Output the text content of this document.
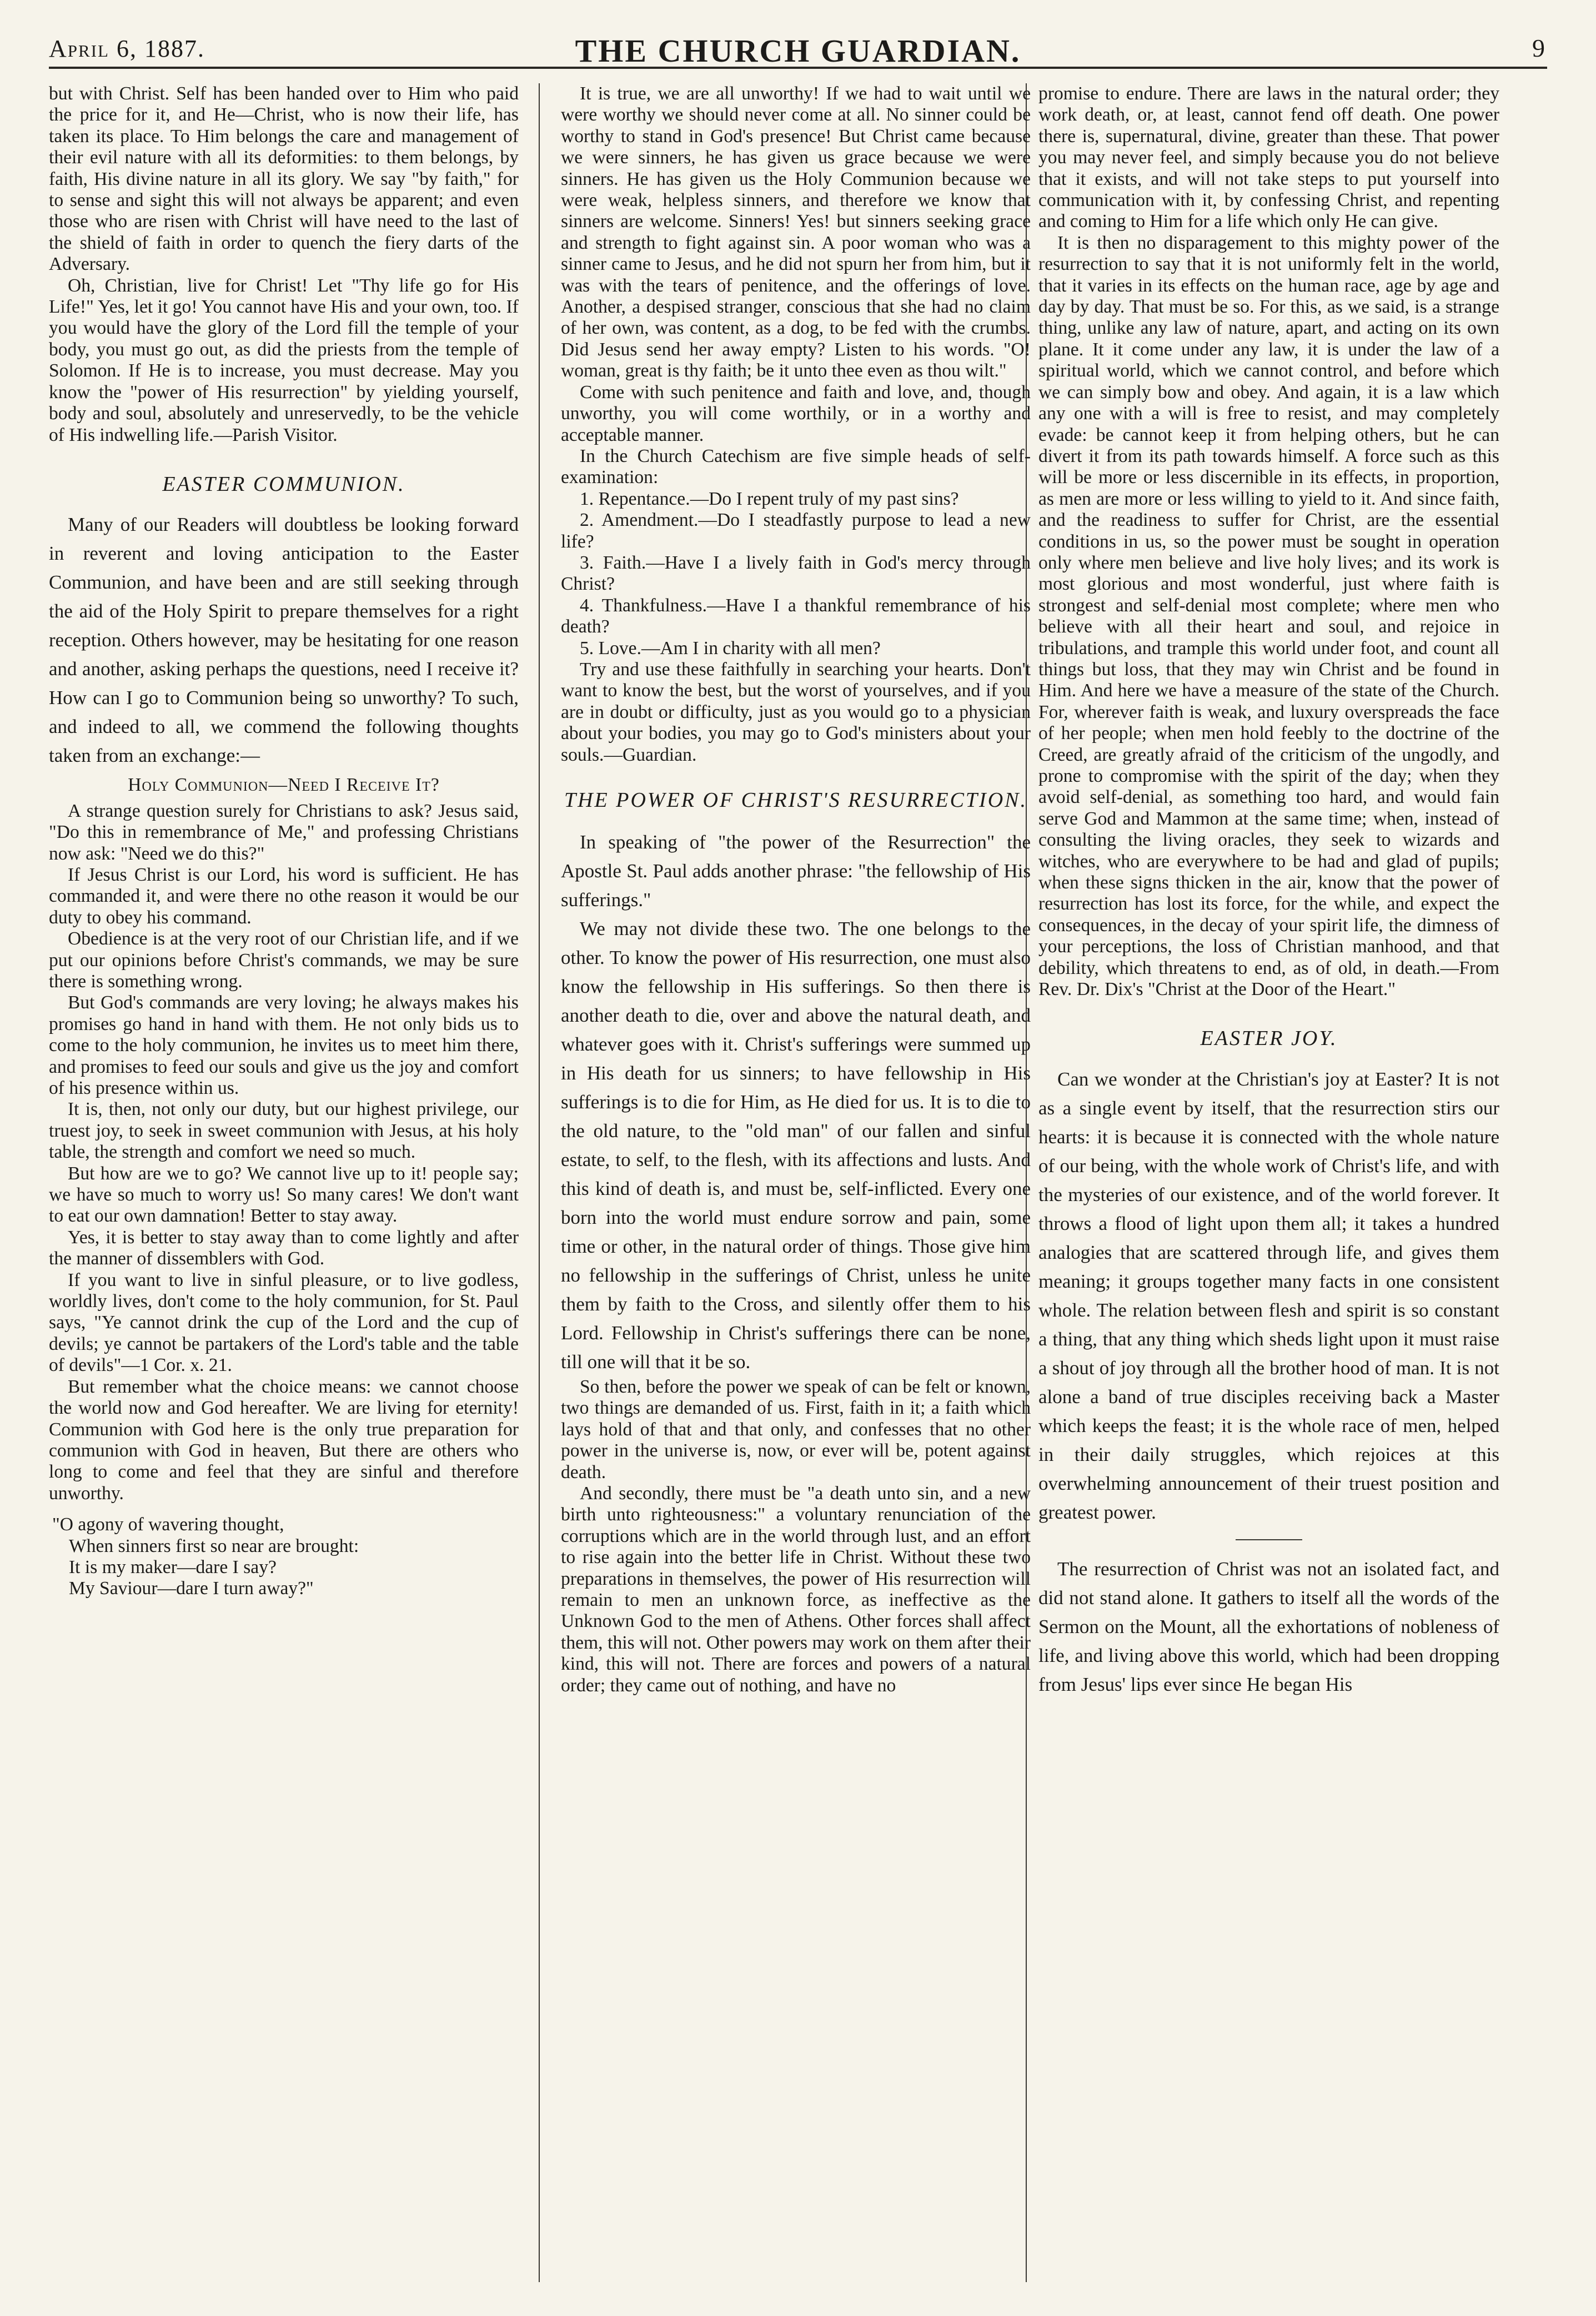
April 6, 1887.	THE CHURCH GUARDIAN.	9

but with Christ. Self has been handed over to Him who paid the price for it, and He—Christ, who is now their life, has taken its place. To Him belongs the care and management of their evil nature with all its deformities: to them belongs, by faith, His divine nature in all its glory. We say "by faith," for to sense and sight this will not always be apparent; and even those who are risen with Christ will have need to the last of the shield of faith in order to quench the fiery darts of the Adversary.

Oh, Christian, live for Christ! Let "Thy life go for His Life!" Yes, let it go! You cannot have His and your own, too. If you would have the glory of the Lord fill the temple of your body, you must go out, as did the priests from the temple of Solomon. If He is to increase, you must decrease. May you know the "power of His resurrection" by yielding yourself, body and soul, absolutely and unreservedly, to be the vehicle of His indwelling life.—Parish Visitor.

EASTER COMMUNION.

Many of our Readers will doubtless be looking forward in reverent and loving anticipation to the Easter Communion, and have been and are still seeking through the aid of the Holy Spirit to prepare themselves for a right reception. Others however, may be hesitating for one reason and another, asking perhaps the questions, need I receive it? How can I go to Communion being so unworthy? To such, and indeed to all, we commend the following thoughts taken from an exchange:—

Holy Communion—Need I Receive It?

A strange question surely for Christians to ask? Jesus said, "Do this in remembrance of Me," and professing Christians now ask: "Need we do this?"

If Jesus Christ is our Lord, his word is sufficient. He has commanded it, and were there no othe reason it would be our duty to obey his command.

Obedience is at the very root of our Christian life, and if we put our opinions before Christ's commands, we may be sure there is something wrong.

But God's commands are very loving; he always makes his promises go hand in hand with them. He not only bids us to come to the holy communion, he invites us to meet him there, and promises to feed our souls and give us the joy and comfort of his presence within us.

It is, then, not only our duty, but our highest privilege, our truest joy, to seek in sweet communion with Jesus, at his holy table, the strength and comfort we need so much.

But how are we to go? We cannot live up to it! people say; we have so much to worry us! So many cares! We don't want to eat our own damnation! Better to stay away.

Yes, it is better to stay away than to come lightly and after the manner of dissemblers with God.

If you want to live in sinful pleasure, or to live godless, worldly lives, don't come to the holy communion, for St. Paul says, "Ye cannot drink the cup of the Lord and the cup of devils; ye cannot be partakers of the Lord's table and the table of devils"—1 Cor. x. 21.

But remember what the choice means: we cannot choose the world now and God hereafter. We are living for eternity! Communion with God here is the only true preparation for communion with God in heaven, But there are others who long to come and feel that they are sinful and therefore unworthy.

"O agony of wavering thought,
When sinners first so near are brought:
It is my maker—dare I say?
My Saviour—dare I turn away?"

It is true, we are all unworthy! If we had to wait until we were worthy we should never come at all. No sinner could be worthy to stand in God's presence! But Christ came because we were sinners, he has given us grace because we were sinners. He has given us the Holy Communion because we were weak, helpless sinners, and therefore we know that sinners are welcome. Sinners! Yes! but sinners seeking grace and strength to fight against sin. A poor woman who was a sinner came to Jesus, and he did not spurn her from him, but it was with the tears of penitence, and the offerings of love. Another, a despised stranger, conscious that she had no claim of her own, was content, as a dog, to be fed with the crumbs. Did Jesus send her away empty? Listen to his words. "O! woman, great is thy faith; be it unto thee even as thou wilt."

Come with such penitence and faith and love, and, though unworthy, you will come worthily, or in a worthy and acceptable manner.

In the Church Catechism are five simple heads of self-examination:

1. Repentance.—Do I repent truly of my past sins?

2. Amendment.—Do I steadfastly purpose to lead a new life?

3. Faith.—Have I a lively faith in God's mercy through Christ?

4. Thankfulness.—Have I a thankful remembrance of his death?

5. Love.—Am I in charity with all men?

Try and use these faithfully in searching your hearts. Don't want to know the best, but the worst of yourselves, and if you are in doubt or difficulty, just as you would go to a physician about your bodies, you may go to God's ministers about your souls.—Guardian.

THE POWER OF CHRIST'S RESURRECTION.

In speaking of "the power of the Resurrection" the Apostle St. Paul adds another phrase: "the fellowship of His sufferings."

We may not divide these two. The one belongs to the other. To know the power of His resurrection, one must also know the fellowship in His sufferings. So then there is another death to die, over and above the natural death, and whatever goes with it. Christ's sufferings were summed up in His death for us sinners; to have fellowship in His sufferings is to die for Him, as He died for us. It is to die to the old nature, to the "old man" of our fallen and sinful estate, to self, to the flesh, with its affections and lusts. And this kind of death is, and must be, self-inflicted. Every one born into the world must endure sorrow and pain, some time or other, in the natural order of things. Those give him no fellowship in the sufferings of Christ, unless he unite them by faith to the Cross, and silently offer them to his Lord. Fellowship in Christ's sufferings there can be none, till one will that it be so.

So then, before the power we speak of can be felt or known, two things are demanded of us. First, faith in it; a faith which lays hold of that and that only, and confesses that no other power in the universe is, now, or ever will be, potent against death.

And secondly, there must be "a death unto sin, and a new birth unto righteousness:" a voluntary renunciation of the corruptions which are in the world through lust, and an effort to rise again into the better life in Christ. Without these two preparations in themselves, the power of His resurrection will remain to men an unknown force, as ineffective as the Unknown God to the men of Athens. Other forces shall affect them, this will not. Other powers may work on them after their kind, this will not. There are forces and powers of a natural order; they came out of nothing, and have no

promise to endure. There are laws in the natural order; they work death, or, at least, cannot fend off death. One power there is, supernatural, divine, greater than these. That power you may never feel, and simply because you do not believe that it exists, and will not take steps to put yourself into communication with it, by confessing Christ, and repenting and coming to Him for a life which only He can give.

It is then no disparagement to this mighty power of the resurrection to say that it is not uniformly felt in the world, that it varies in its effects on the human race, age by age and day by day. That must be so. For this, as we said, is a strange thing, unlike any law of nature, apart, and acting on its own plane. It it come under any law, it is under the law of a spiritual world, which we cannot control, and before which we can simply bow and obey. And again, it is a law which any one with a will is free to resist, and may completely evade: be cannot keep it from helping others, but he can divert it from its path towards himself. A force such as this will be more or less discernible in its effects, in proportion, as men are more or less willing to yield to it. And since faith, and the readiness to suffer for Christ, are the essential conditions in us, so the power must be sought in operation only where men believe and live holy lives; and its work is most glorious and most wonderful, just where faith is strongest and self-denial most complete; where men who believe with all their heart and soul, and rejoice in tribulations, and trample this world under foot, and count all things but loss, that they may win Christ and be found in Him. And here we have a measure of the state of the Church. For, wherever faith is weak, and luxury overspreads the face of her people; when men hold feebly to the doctrine of the Creed, are greatly afraid of the criticism of the ungodly, and prone to compromise with the spirit of the day; when they avoid self-denial, as something too hard, and would fain serve God and Mammon at the same time; when, instead of consulting the living oracles, they seek to wizards and witches, who are everywhere to be had and glad of pupils; when these signs thicken in the air, know that the power of resurrection has lost its force, for the while, and expect the consequences, in the decay of your spirit life, the dimness of your perceptions, the loss of Christian manhood, and that debility, which threatens to end, as of old, in death.—From Rev. Dr. Dix's "Christ at the Door of the Heart."

EASTER JOY.

Can we wonder at the Christian's joy at Easter? It is not as a single event by itself, that the resurrection stirs our hearts: it is because it is connected with the whole nature of our being, with the whole work of Christ's life, and with the mysteries of our existence, and of the world forever. It throws a flood of light upon them all; it takes a hundred analogies that are scattered through life, and gives them meaning; it groups together many facts in one consistent whole. The relation between flesh and spirit is so constant a thing, that any thing which sheds light upon it must raise a shout of joy through all the brother hood of man. It is not alone a band of true disciples receiving back a Master which keeps the feast; it is the whole race of men, helped in their daily struggles, which rejoices at this overwhelming announcement of their truest position and greatest power.

The resurrection of Christ was not an isolated fact, and did not stand alone. It gathers to itself all the words of the Sermon on the Mount, all the exhortations of nobleness of life, and living above this world, which had been dropping from Jesus' lips ever since He began His
